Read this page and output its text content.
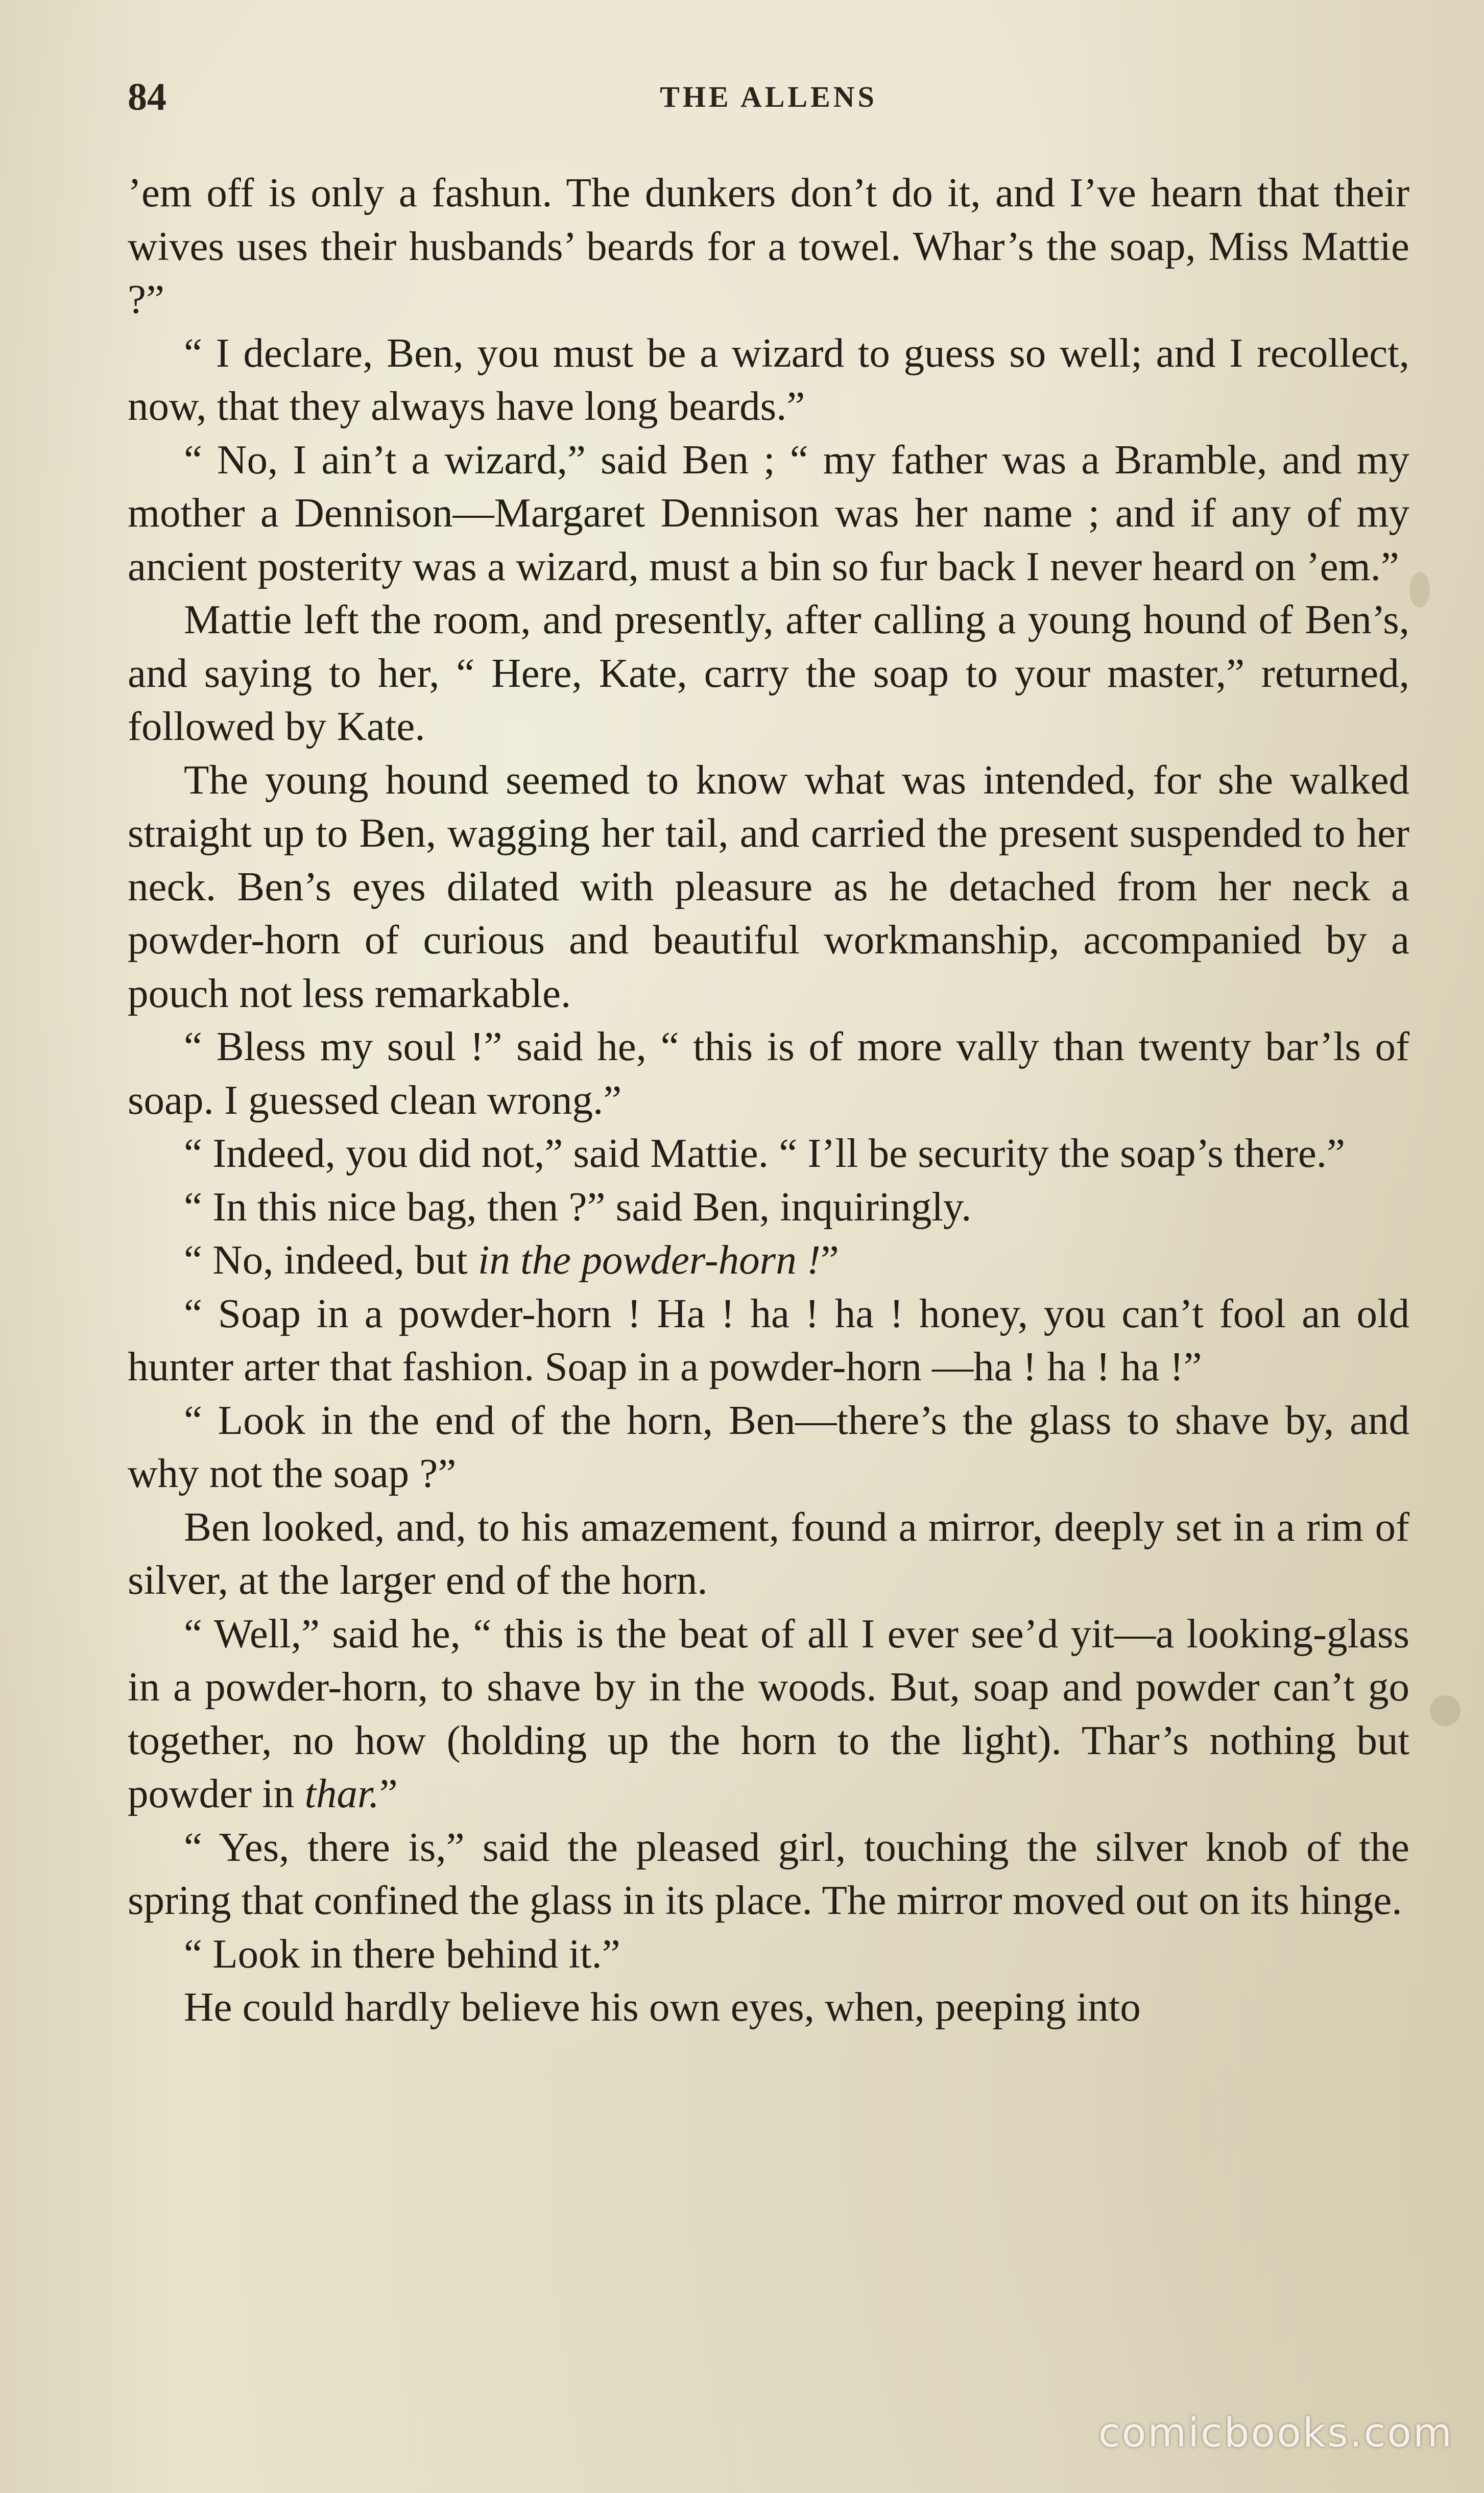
84	THE ALLENS

’em off is only a fashun. The dunkers don’t do it, and I’ve hearn that their wives uses their husbands’ beards for a towel. Whar’s the soap, Miss Mattie ?”

“ I declare, Ben, you must be a wizard to guess so well; and I recollect, now, that they always have long beards.”

“ No, I ain’t a wizard,” said Ben ; “ my father was a Bramble, and my mother a Dennison—Margaret Dennison was her name ; and if any of my ancient posterity was a wizard, must a bin so fur back I never heard on ’em.”

Mattie left the room, and presently, after calling a young hound of Ben’s, and saying to her, “ Here, Kate, carry the soap to your master,” returned, followed by Kate.

The young hound seemed to know what was intended, for she walked straight up to Ben, wagging her tail, and carried the present suspended to her neck. Ben’s eyes dilated with pleasure as he detached from her neck a powder-horn of curious and beautiful workmanship, accompanied by a pouch not less remarkable.

“ Bless my soul !” said he, “ this is of more vally than twenty bar’ls of soap. I guessed clean wrong.”

“ Indeed, you did not,” said Mattie. “ I’ll be security the soap’s there.”

“ In this nice bag, then ?” said Ben, inquiringly.

“ No, indeed, but in the powder-horn !”

“ Soap in a powder-horn ! Ha ! ha ! ha ! honey, you can’t fool an old hunter arter that fashion. Soap in a powder-horn —ha ! ha ! ha !”

“ Look in the end of the horn, Ben—there’s the glass to shave by, and why not the soap ?”

Ben looked, and, to his amazement, found a mirror, deeply set in a rim of silver, at the larger end of the horn.

“ Well,” said he, “ this is the beat of all I ever see’d yit—a looking-glass in a powder-horn, to shave by in the woods. But, soap and powder can’t go together, no how (holding up the horn to the light). Thar’s nothing but powder in thar.”

“ Yes, there is,” said the pleased girl, touching the silver knob of the spring that confined the glass in its place. The mirror moved out on its hinge.

“ Look in there behind it.”

He could hardly believe his own eyes, when, peeping into

comicbooks.com
